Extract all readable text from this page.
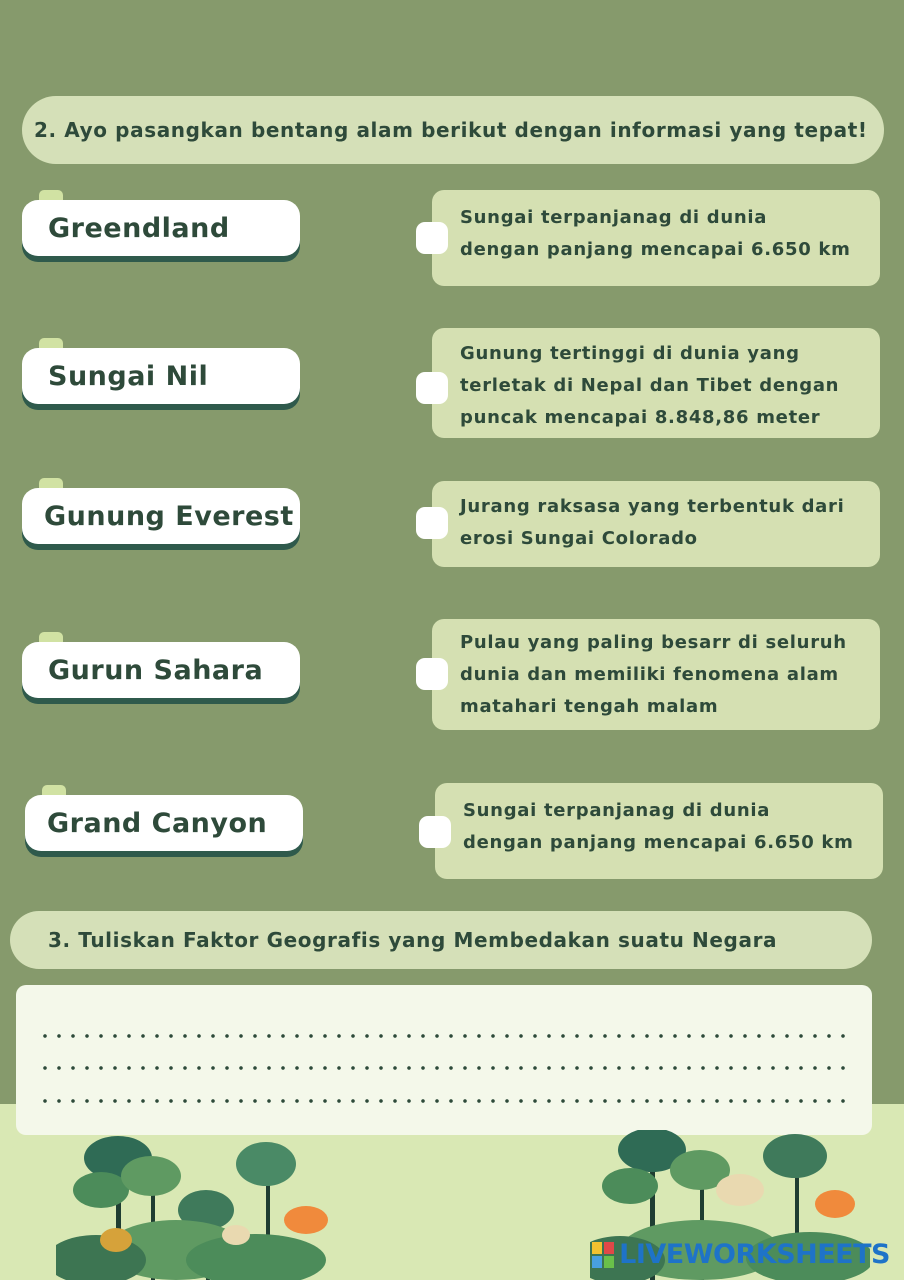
2. Ayo pasangkan bentang alam berikut dengan informasi yang tepat!
Greendland
Sungai Nil
Gunung Everest
Gurun Sahara
Grand Canyon
Sungai terpanjanag di dunia
dengan panjang mencapai 6.650 km
Gunung tertinggi di dunia yang
terletak di Nepal dan Tibet dengan
puncak mencapai 8.848,86 meter
Jurang raksasa yang terbentuk dari
erosi Sungai Colorado
Pulau yang paling besarr di seluruh
dunia dan memiliki fenomena alam
matahari tengah malam
Sungai terpanjanag di dunia
dengan panjang mencapai 6.650 km
3. Tuliskan Faktor Geografis yang Membedakan suatu Negara
LIVEWORKSHEETS
